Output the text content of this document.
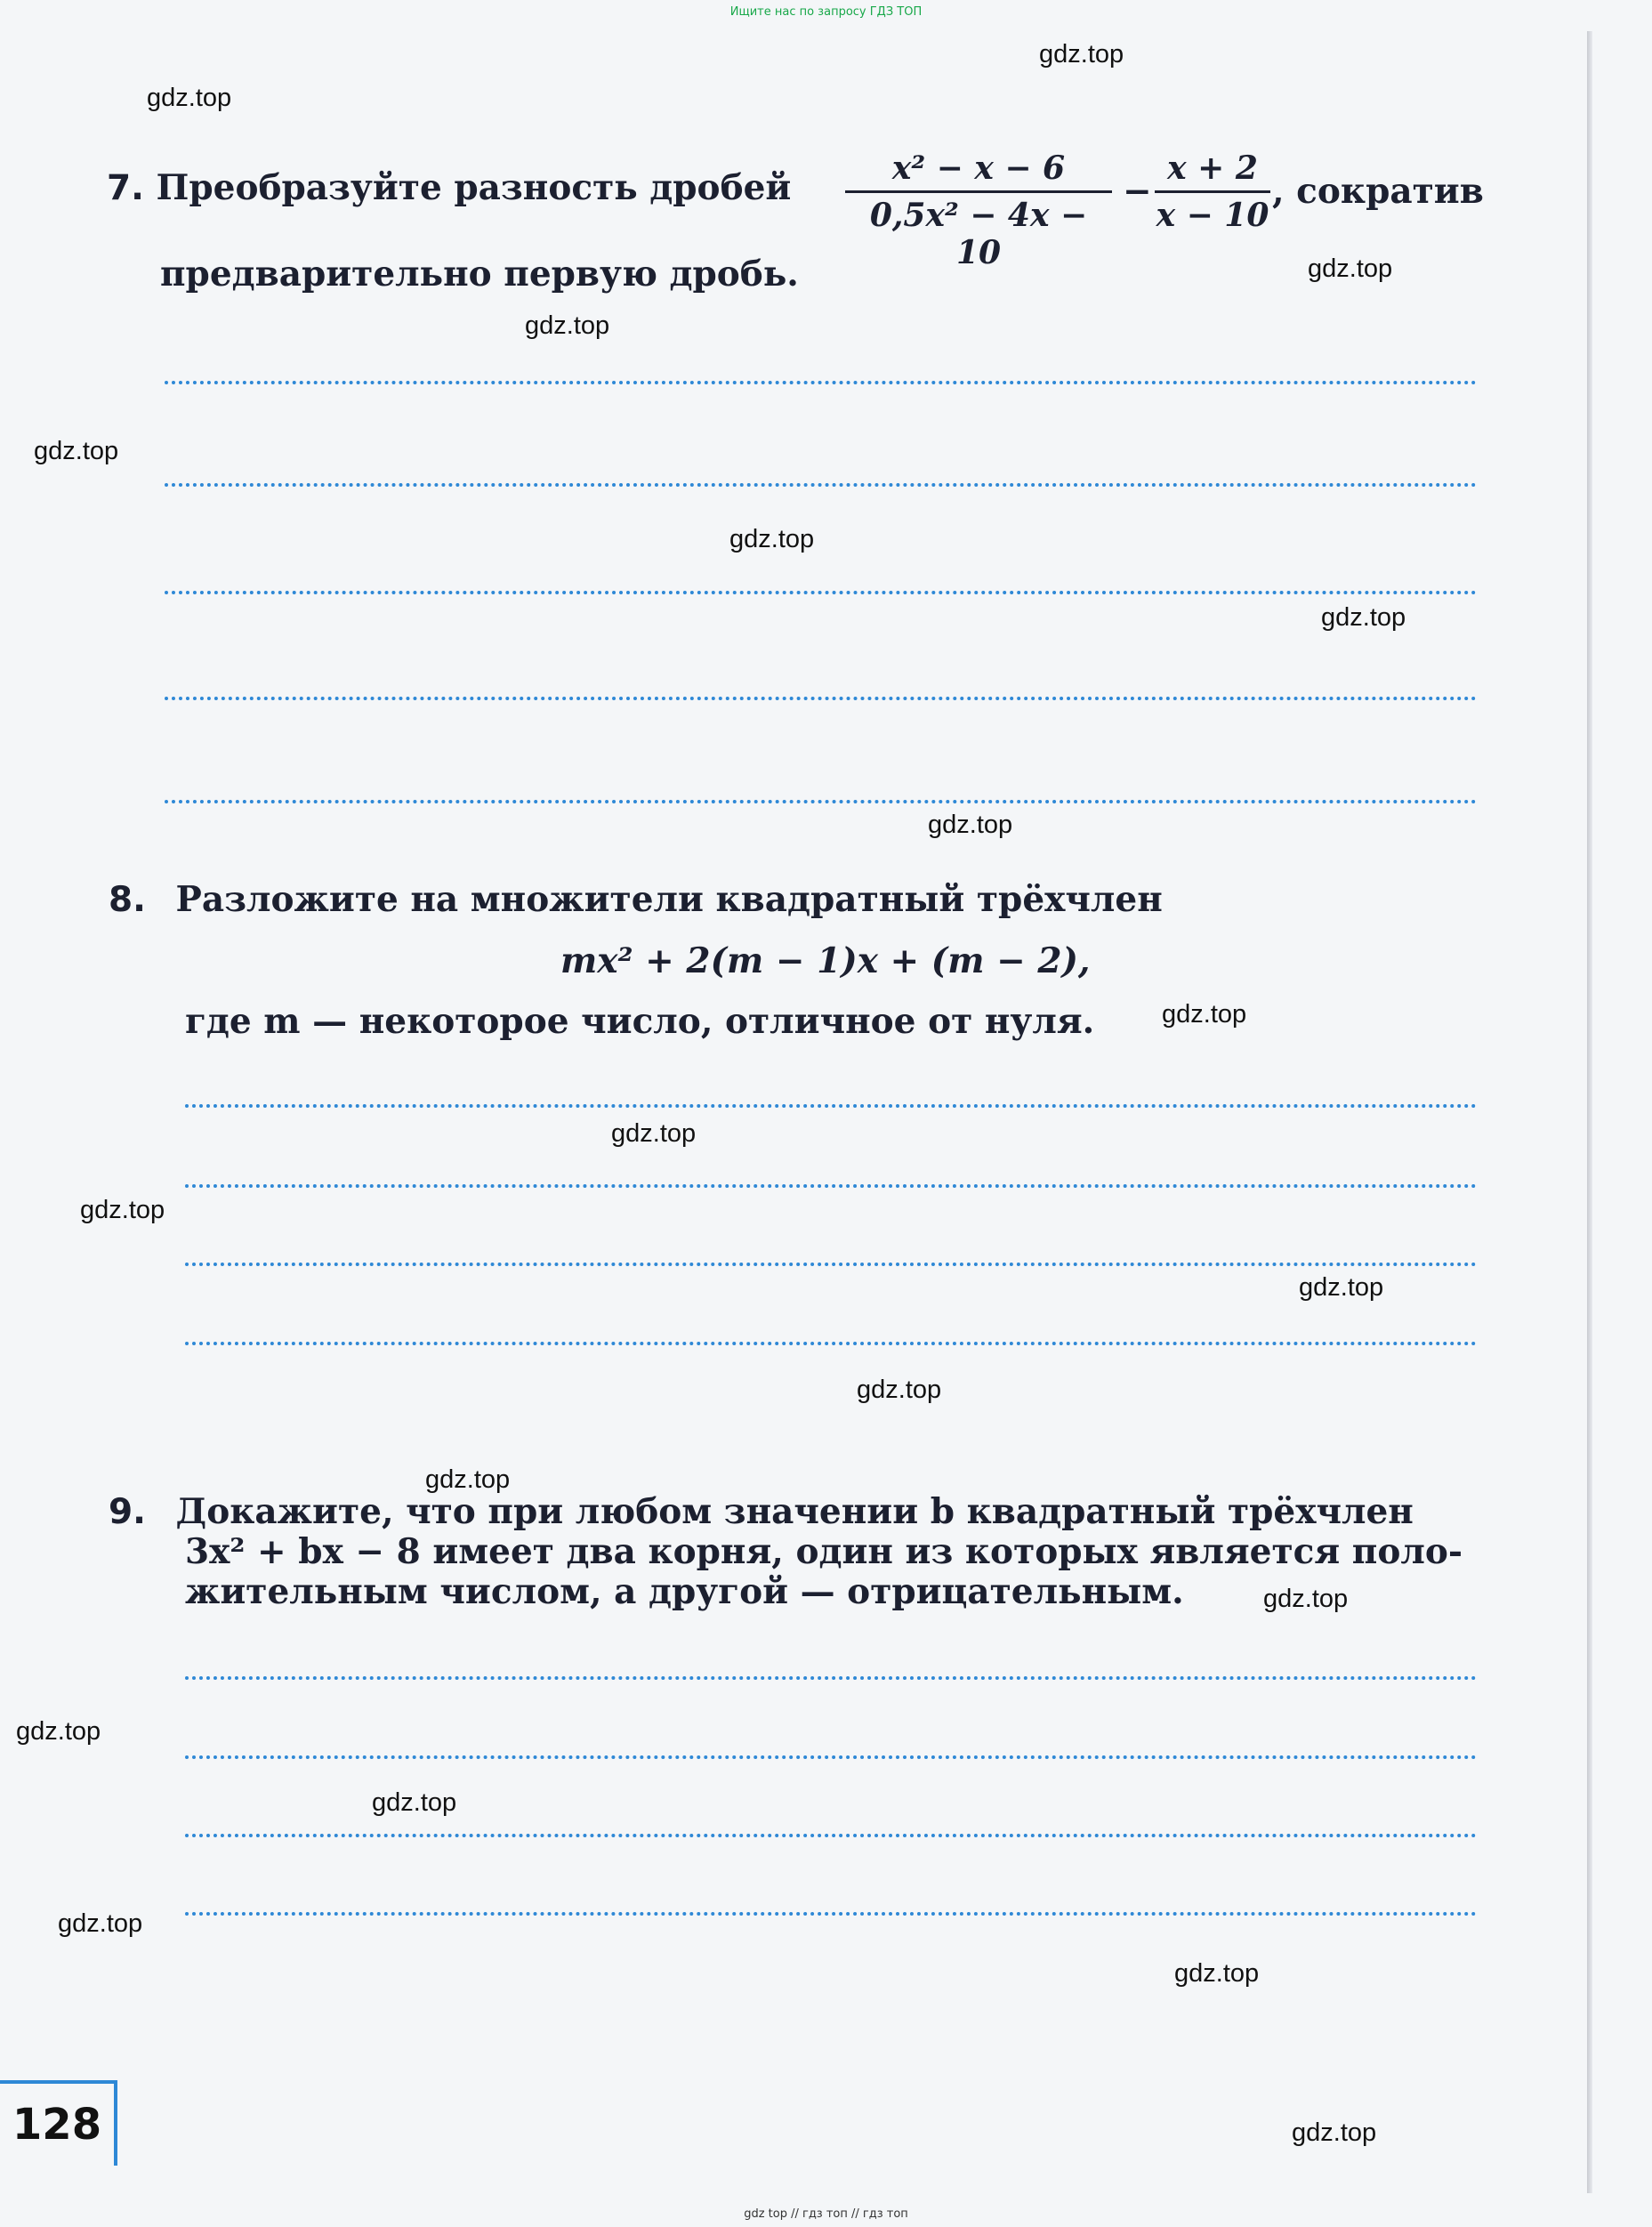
Ищите нас по запросу ГДЗ ТОП
7. Преобразуйте разность дробей	x² − x − 6
0,5x² − 4x − 10
−
x + 2
x − 10
, сократив
предварительно первую дробь.
8. Разложите на множители квадратный трёхчлен
mx² + 2(m − 1)x + (m − 2),
где m — некоторое число, отличное от нуля.
9. Докажите, что при любом значении b квадратный трёхчлен
3x² + bx − 8 имеет два корня, один из которых является поло-
жительным числом, а другой — отрицательным.
gdz.top
gdz.top
gdz.top
gdz.top
gdz.top
gdz.top
gdz.top
gdz.top
gdz.top
gdz.top
gdz.top
gdz.top
gdz.top
gdz.top
gdz.top
gdz.top
gdz.top
gdz.top
gdz.top
gdz.top
128
gdz top // гдз топ // гдз топ
